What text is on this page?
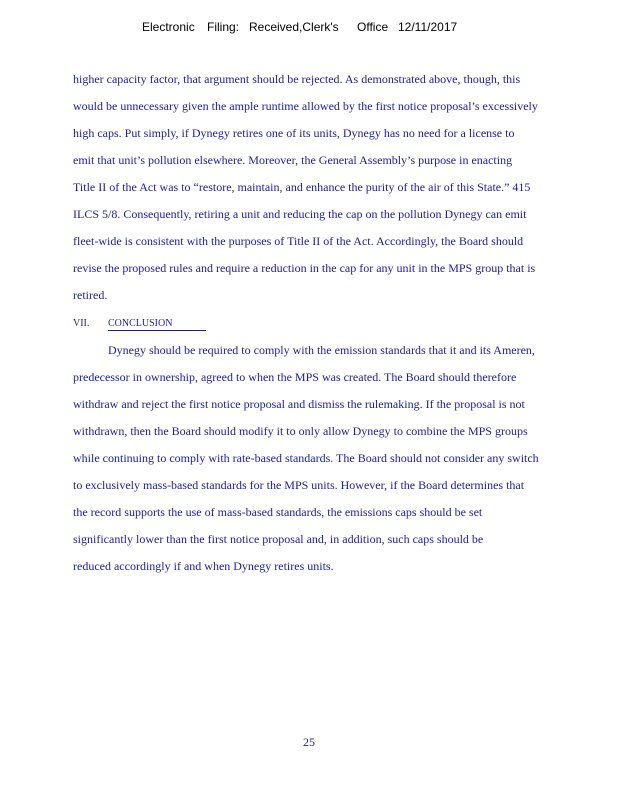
Electronic Filing: Received,Clerk's Office 12/11/2017
higher capacity factor, that argument should be rejected. As demonstrated above, though, this
would be unnecessary given the ample runtime allowed by the first notice proposal’s excessively
high caps. Put simply, if Dynegy retires one of its units, Dynegy has no need for a license to
emit that unit’s pollution elsewhere. Moreover, the General Assembly’s purpose in enacting
Title II of the Act was to “restore, maintain, and enhance the purity of the air of this State.” 415
ILCS 5/8. Consequently, retiring a unit and reducing the cap on the pollution Dynegy can emit
fleet-wide is consistent with the purposes of Title II of the Act. Accordingly, the Board should
revise the proposed rules and require a reduction in the cap for any unit in the MPS group that is
retired.
VII. CONCLUSION
Dynegy should be required to comply with the emission standards that it and its Ameren,
predecessor in ownership, agreed to when the MPS was created. The Board should therefore
withdraw and reject the first notice proposal and dismiss the rulemaking. If the proposal is not
withdrawn, then the Board should modify it to only allow Dynegy to combine the MPS groups
while continuing to comply with rate-based standards. The Board should not consider any switch
to exclusively mass-based standards for the MPS units. However, if the Board determines that
the record supports the use of mass-based standards, the emissions caps should be set
significantly lower than the first notice proposal and, in addition, such caps should be
reduced accordingly if and when Dynegy retires units.
25
